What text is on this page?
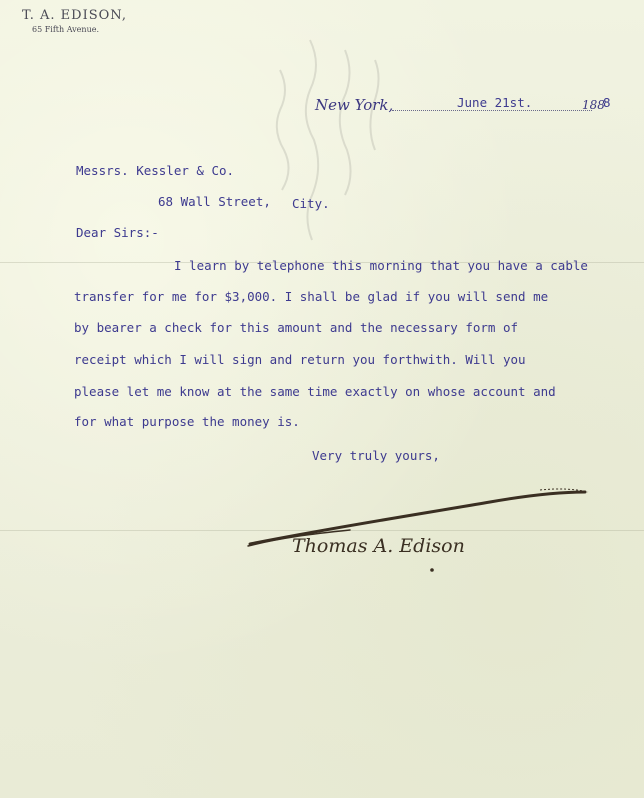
T. A. EDISON,
65 Fifth Avenue.
New York,	June 21st.	188
8
Messrs. Kessler & Co.
68 Wall Street, City.
Dear Sirs:-
I learn by telephone this morning that you have a cable
transfer for me for $3,000. I shall be glad if you will send me
by bearer a check for this amount and the necessary form of
receipt which I will sign and return you forthwith. Will you
please let me know at the same time exactly on whose account and
for what purpose the money is.
Very truly yours,
Thomas A. Edison
